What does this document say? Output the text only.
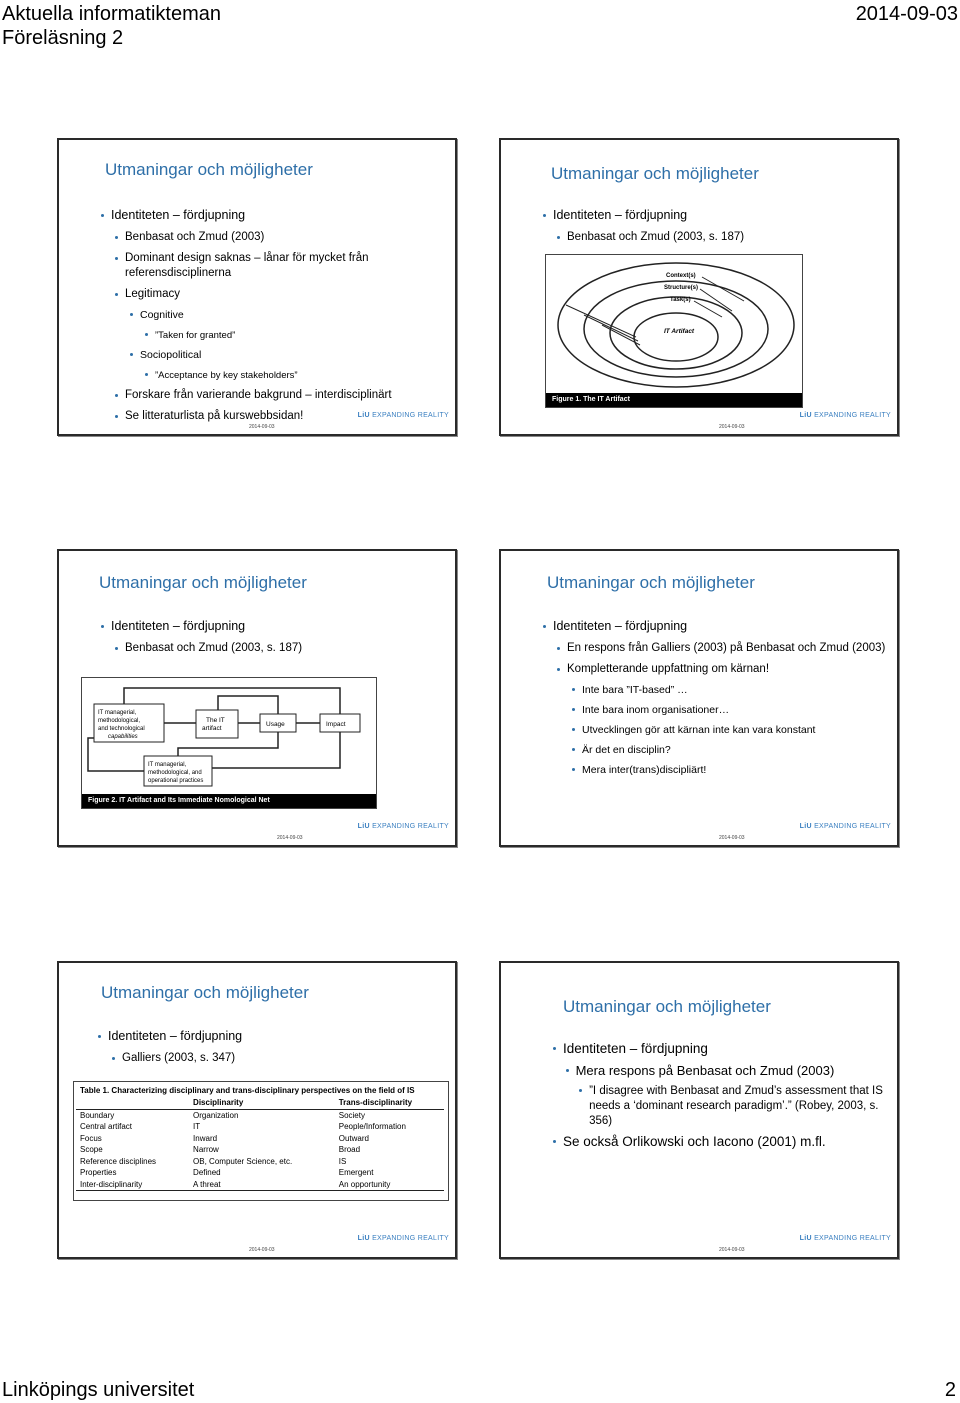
Aktuella informatikteman
Föreläsning 2
2014-09-03
Utmaningar och möjligheter
Identiteten – fördjupning
Benbasat och Zmud (2003)
Dominant design saknas – lånar för mycket från referensdisciplinerna
Legitimacy
Cognitive
”Taken for granted”
Sociopolitical
”Acceptance by key stakeholders”
Forskare från varierande bakgrund – interdisciplinärt
Se litteraturlista på kurswebbsidan!	LiU EXPANDING REALITY
2014-09-03
Utmaningar och möjligheter
Identiteten – fördjupning
Benbasat och Zmud (2003, s. 187)
Context(s)
Structure(s)
Task(s)
IT Artifact
Figure 1. The IT Artifact
LiU EXPANDING REALITY
2014-09-03
Utmaningar och möjligheter
Identiteten – fördjupning
Benbasat och Zmud (2003, s. 187)
IT managerial,
methodological,
and technological
capabilities
The IT
artifact
Usage	Impact
IT managerial,
methodological, and
operational practices
Figure 2. IT Artifact and Its Immediate Nomological Net
LiU EXPANDING REALITY
2014-09-03
Utmaningar och möjligheter
Identiteten – fördjupning
En respons från Galliers (2003) på Benbasat och Zmud (2003)
Kompletterande uppfattning om kärnan!
Inte bara ”IT-based” …
Inte bara inom organisationer…
Utvecklingen gör att kärnan inte kan vara konstant
Är det en disciplin?
Mera inter(trans)discipliärt!
LiU EXPANDING REALITY
2014-09-03
Utmaningar och möjligheter
Identiteten – fördjupning
Galliers (2003, s. 347)
Table 1. Characterizing disciplinary and trans-disciplinary perspectives on the field of IS
	Disciplinarity	Trans-disciplinarity
Boundary	Organization	Society
Central artifact	IT	People/Information
Focus	Inward	Outward
Scope	Narrow	Broad
Reference disciplines	OB, Computer Science, etc.	IS
Properties	Defined	Emergent
Inter-disciplinarity	A threat	An opportunity
LiU EXPANDING REALITY
2014-09-03
Utmaningar och möjligheter
Identiteten – fördjupning
Mera respons på Benbasat och Zmud (2003)
”I disagree with Benbasat and Zmud’s assessment that IS needs a ‘dominant research paradigm’.” (Robey, 2003, s. 356)
Se också Orlikowski och Iacono (2001) m.fl.
LiU EXPANDING REALITY
2014-09-03
Linköpings universitet	2
